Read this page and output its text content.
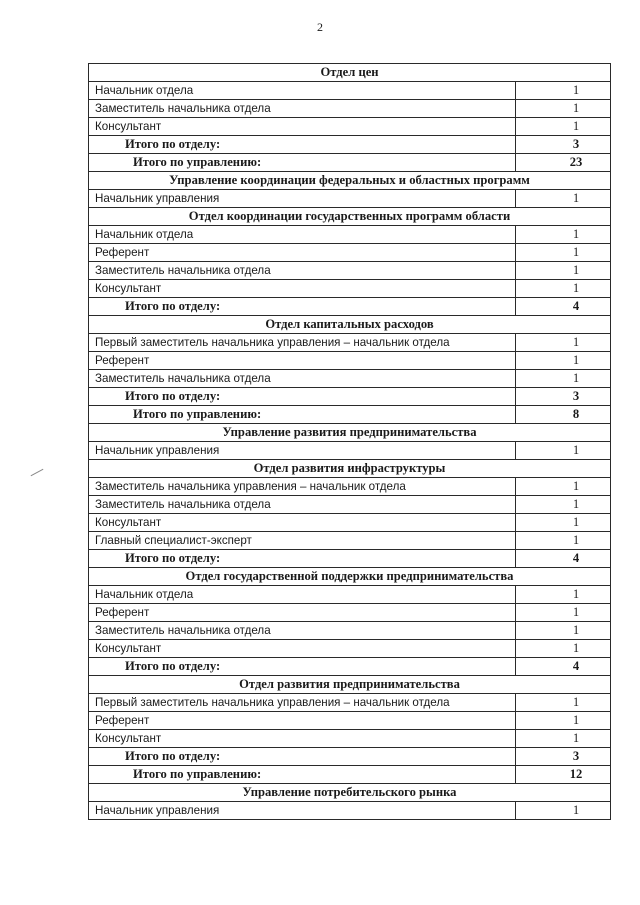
2
Отдел цен	
Начальник отдела	1
Заместитель начальника отдела	1
Консультант	1
Итого по отделу:	3
Итого по управлению:	23
Управление координации федеральных и областных программ	
Начальник управления	1
Отдел координации государственных программ области	
Начальник отдела	1
Референт	1
Заместитель начальника отдела	1
Консультант	1
Итого по отделу:	4
Отдел капитальных расходов	
Первый заместитель начальника управления – начальник отдела	1
Референт	1
Заместитель начальника отдела	1
Итого по отделу:	3
Итого по управлению:	8
Управление развития предпринимательства	
Начальник управления	1
Отдел развития инфраструктуры	
Заместитель начальника управления – начальник отдела	1
Заместитель начальника отдела	1
Консультант	1
Главный специалист-эксперт	1
Итого по отделу:	4
Отдел государственной поддержки предпринимательства	
Начальник отдела	1
Референт	1
Заместитель начальника отдела	1
Консультант	1
Итого по отделу:	4
Отдел развития предпринимательства	
Первый заместитель начальника управления – начальник отдела	1
Референт	1
Консультант	1
Итого по отделу:	3
Итого по управлению:	12
Управление потребительского рынка	
Начальник управления	1
